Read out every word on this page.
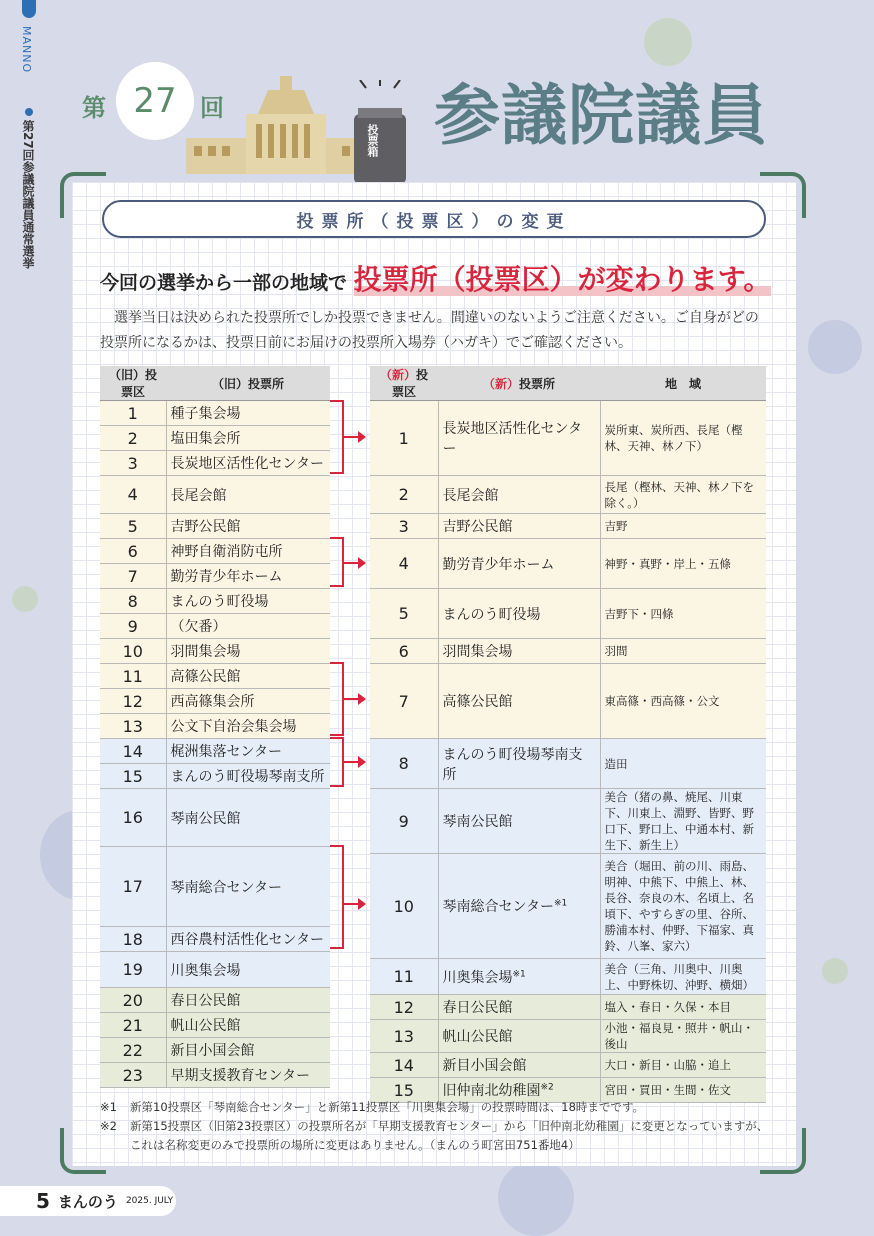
MANNO
第27回参議院議員通常選挙
第 27 回
投票箱 参議院議員
投票所（投票区）の変更
今回の選挙から一部の地域で 投票所（投票区）が変わります。
選挙当日は決められた投票所でしか投票できません。間違いのないようご注意ください。ご自身がどの投票所になるかは、投票日前にお届けの投票所入場券（ハガキ）でご確認ください。
（旧）投票区	（旧）投票所
1	種子集会場
2	塩田集会所
3	長炭地区活性化センター
4	長尾会館
5	吉野公民館
6	神野自衛消防屯所
7	勤労青少年ホーム
8	まんのう町役場
9	（欠番）
10	羽間集会場
11	高篠公民館
12	西高篠集会所
13	公文下自治会集会場
14	梶洲集落センター
15	まんのう町役場琴南支所
16	琴南公民館
17	琴南総合センター
18	西谷農村活性化センター
19	川奥集会場
20	春日公民館
21	帆山公民館
22	新目小国会館
23	早期支援教育センター
（新）投票区	（新）投票所	地　域
1	長炭地区活性化センター	炭所東、炭所西、長尾（樫林、天神、林ノ下）
2	長尾会館	長尾（樫林、天神、林ノ下を除く。）
3	吉野公民館	吉野
4	勤労青少年ホーム	神野・真野・岸上・五條
5	まんのう町役場	吉野下・四條
6	羽間集会場	羽間
7	高篠公民館	東高篠・西高篠・公文
8	まんのう町役場琴南支所	造田
9	琴南公民館	美合（猪の鼻、焼尾、川東下、川東上、淵野、皆野、野口下、野口上、中通本村、新生下、新生上）
10	琴南総合センター$^{※1}$	美合（堀田、前の川、雨島、明神、中熊下、中熊上、林、長谷、奈良の木、名頃上、名頃下、やすらぎの里、谷所、勝浦本村、仲野、下福家、真鈴、八峯、家六）
11	川奥集会場$^{※1}$	美合（三角、川奥中、川奥上、中野株切、沖野、横畑）
12	春日公民館	塩入・春日・久保・本目
13	帆山公民館	小池・福良見・照井・帆山・後山
14	新目小国会館	大口・新目・山脇・追上
15	旧仲南北幼稚園$^{※2}$	宮田・買田・生間・佐文
※1	新第10投票区「琴南総合センター」と新第11投票区「川奥集会場」の投票時間は、18時までです。
※2	新第15投票区（旧第23投票区）の投票所名が「早期支援教育センター」から「旧仲南北幼稚園」に変更となっていますが、
これは名称変更のみで投票所の場所に変更はありません。（まんのう町宮田751番地4）
5 まんのう 2025. JULY
